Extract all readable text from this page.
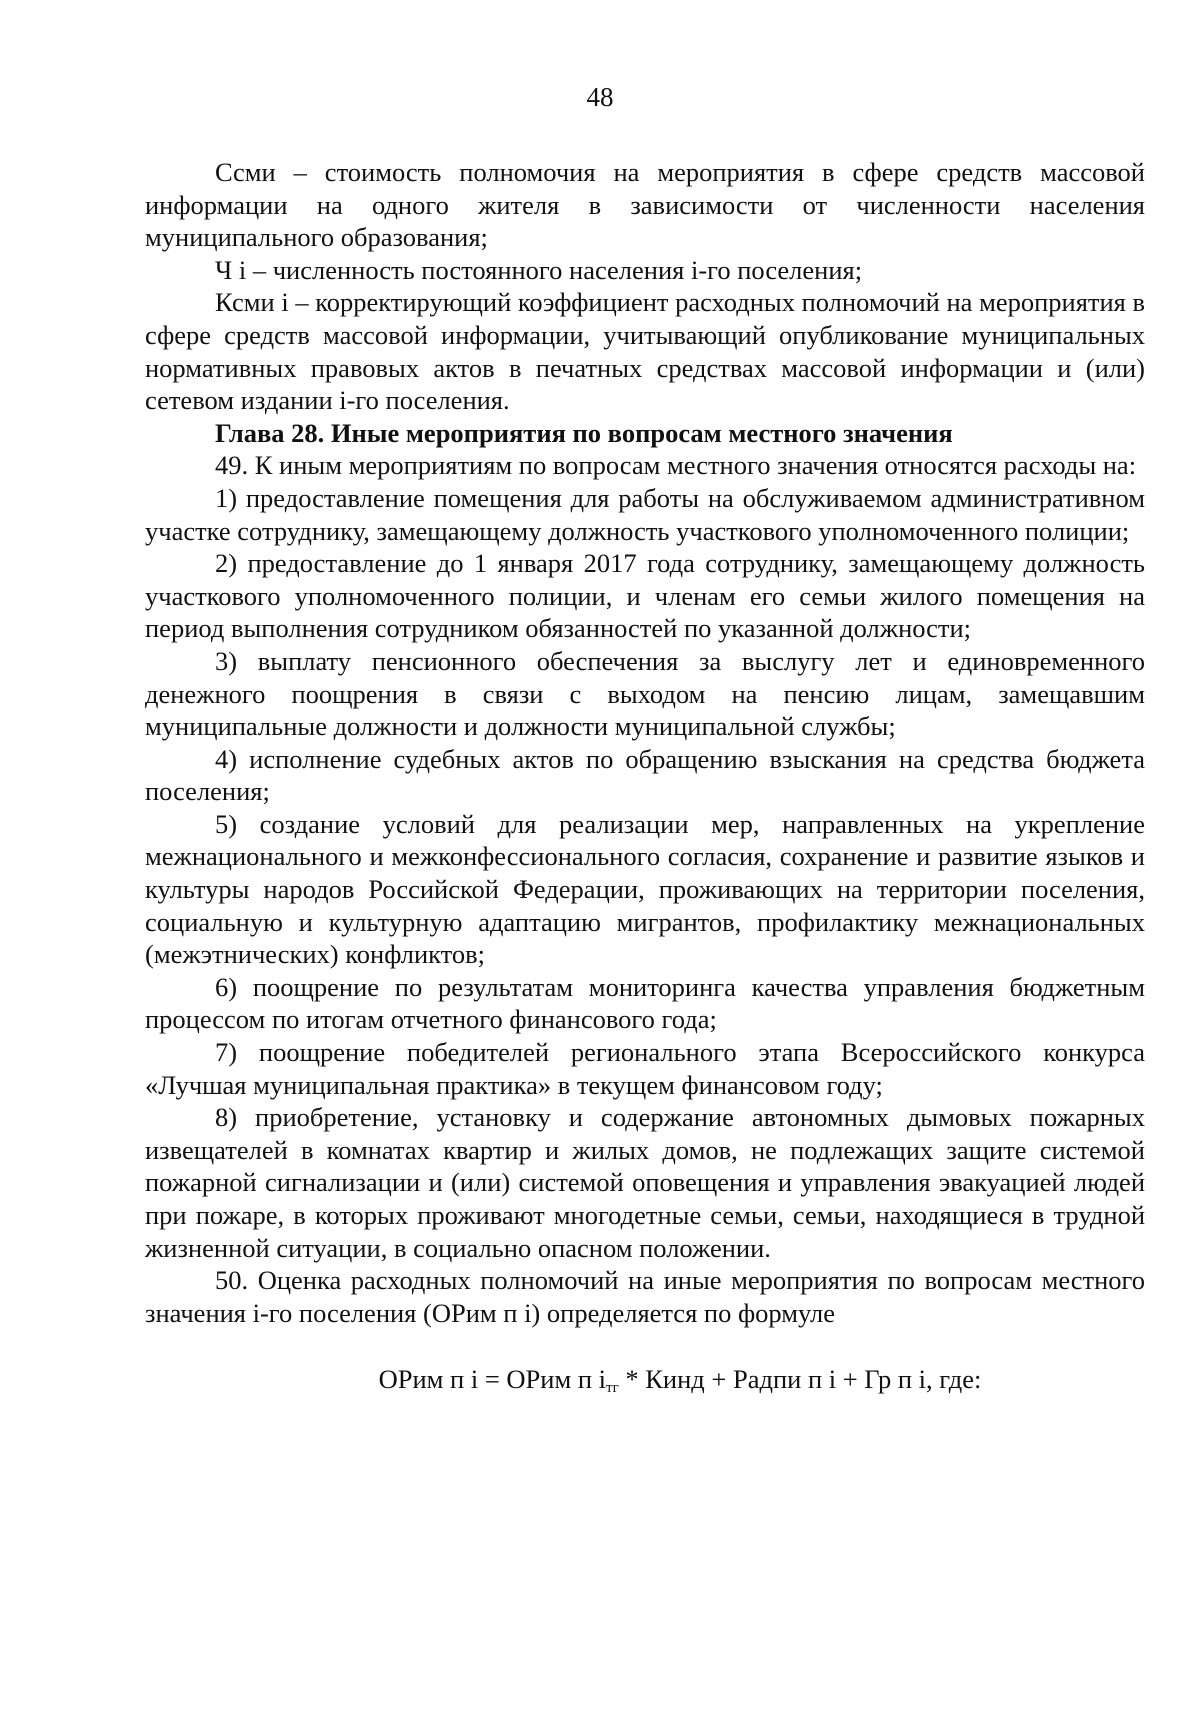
48

Ссми – стоимость полномочия на мероприятия в сфере средств массовой информации на одного жителя в зависимости от численности населения муниципального образования;

Ч i – численность постоянного населения i-го поселения;

Ксми i – корректирующий коэффициент расходных полномочий на мероприятия в сфере средств массовой информации, учитывающий опубликование муниципальных нормативных правовых актов в печатных средствах массовой информации и (или) сетевом издании i-го поселения.

Глава 28. Иные мероприятия по вопросам местного значения

49. К иным мероприятиям по вопросам местного значения относятся расходы на:

1) предоставление помещения для работы на обслуживаемом административном участке сотруднику, замещающему должность участкового уполномоченного полиции;

2) предоставление до 1 января 2017 года сотруднику, замещающему должность участкового уполномоченного полиции, и членам его семьи жилого помещения на период выполнения сотрудником обязанностей по указанной должности;

3) выплату пенсионного обеспечения за выслугу лет и единовременного денежного поощрения в связи с выходом на пенсию лицам, замещавшим муниципальные должности и должности муниципальной службы;

4) исполнение судебных актов по обращению взыскания на средства бюджета поселения;

5) создание условий для реализации мер, направленных на укрепление межнационального и межконфессионального согласия, сохранение и развитие языков и культуры народов Российской Федерации, проживающих на территории поселения, социальную и культурную адаптацию мигрантов, профилактику межнациональных (межэтнических) конфликтов;

6) поощрение по результатам мониторинга качества управления бюджетным процессом по итогам отчетного финансового года;

7) поощрение победителей регионального этапа Всероссийского конкурса «Лучшая муниципальная практика» в текущем финансовом году;

8) приобретение, установку и содержание автономных дымовых пожарных извещателей в комнатах квартир и жилых домов, не подлежащих защите системой пожарной сигнализации и (или) системой оповещения и управления эвакуацией людей при пожаре, в которых проживают многодетные семьи, семьи, находящиеся в трудной жизненной ситуации, в социально опасном положении.

50. Оценка расходных полномочий на иные мероприятия по вопросам местного значения i-го поселения (ОРим п i) определяется по формуле

ОРим п i = ОРим п $i_{тг}$ * Кинд + Радпи п i + Гр п i, где:
